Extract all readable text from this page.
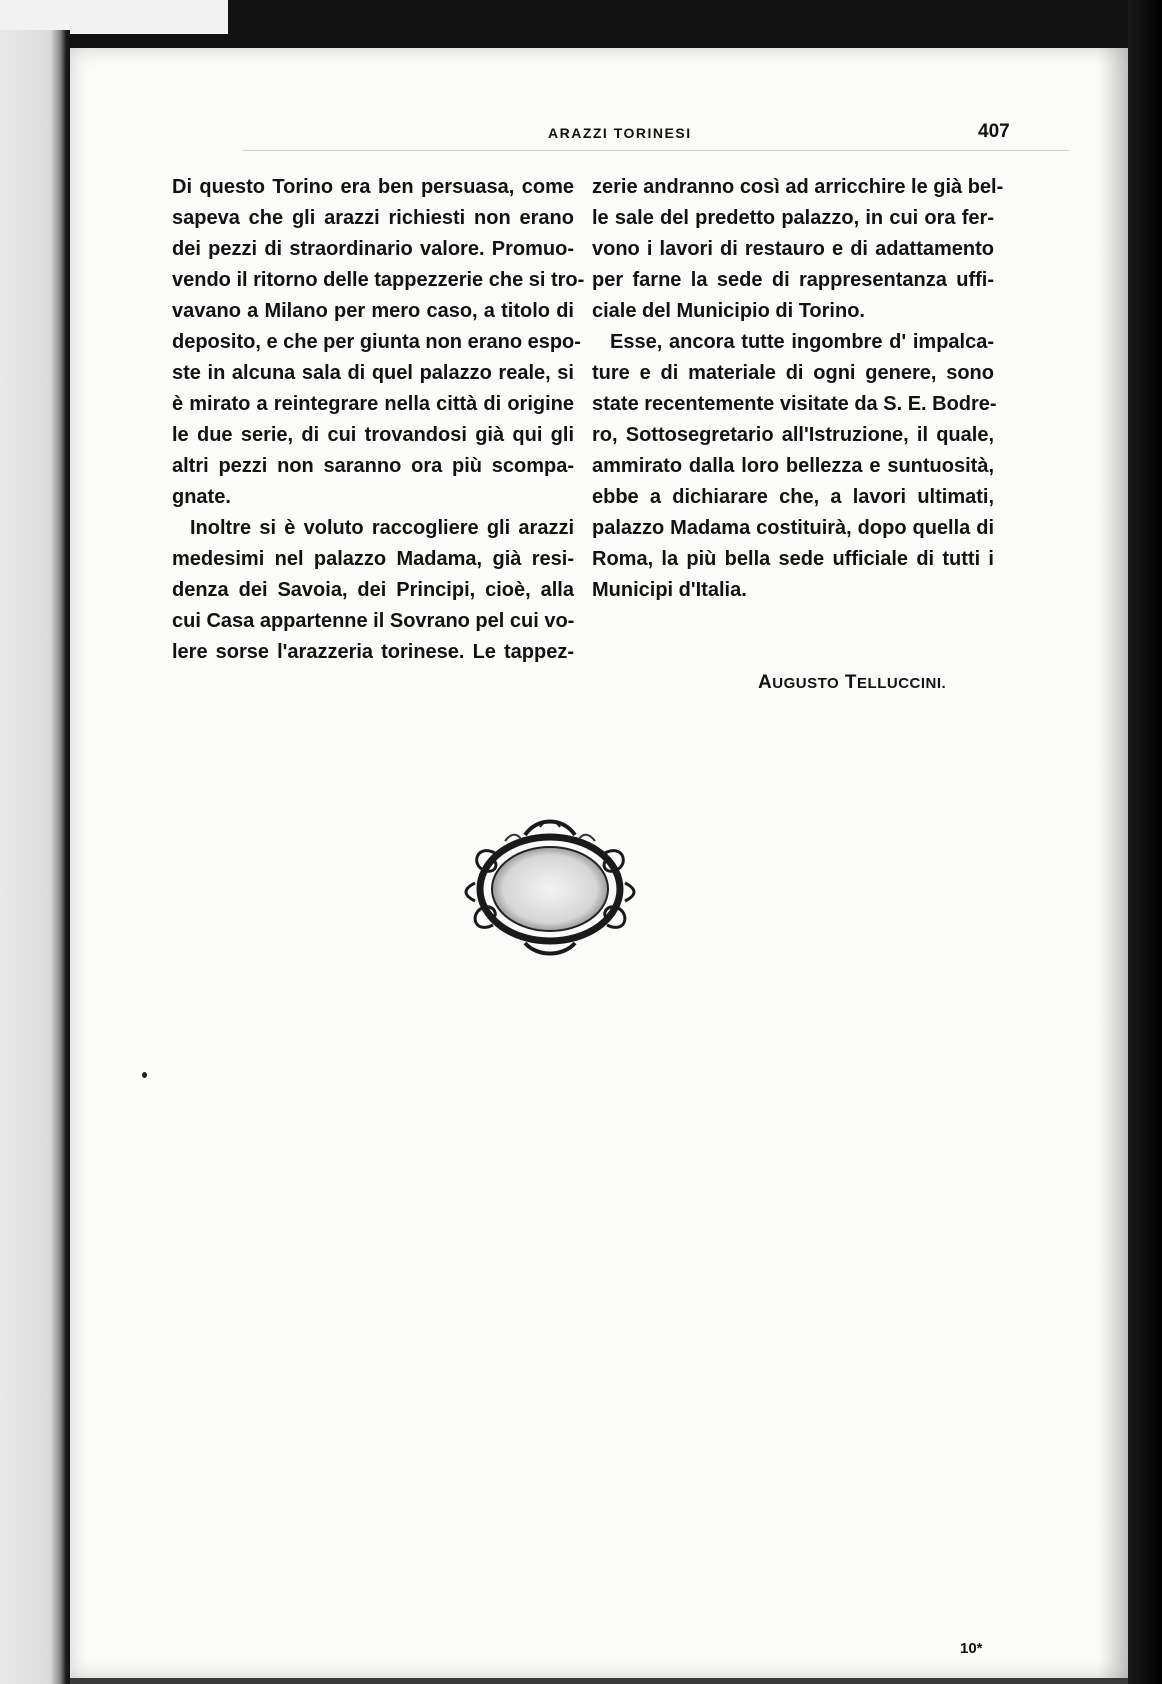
ARAZZI TORINESI	407
Di questo Torino era ben persuasa, come
sapeva che gli arazzi richiesti non erano
dei pezzi di straordinario valore. Promuo-
vendo il ritorno delle tappezzerie che si tro-
vavano a Milano per mero caso, a titolo di
deposito, e che per giunta non erano espo-
ste in alcuna sala di quel palazzo reale, si
è mirato a reintegrare nella città di origine
le due serie, di cui trovandosi già qui gli
altri pezzi non saranno ora più scompa-
gnate.
Inoltre si è voluto raccogliere gli arazzi
medesimi nel palazzo Madama, già resi-
denza dei Savoia, dei Principi, cioè, alla
cui Casa appartenne il Sovrano pel cui vo-
lere sorse l'arazzeria torinese. Le tappez-
zerie andranno così ad arricchire le già bel-
le sale del predetto palazzo, in cui ora fer-
vono i lavori di restauro e di adattamento
per farne la sede di rappresentanza uffi-
ciale del Municipio di Torino.
Esse, ancora tutte ingombre d' impalca-
ture e di materiale di ogni genere, sono
state recentemente visitate da S. E. Bodre-
ro, Sottosegretario all'Istruzione, il quale,
ammirato dalla loro bellezza e suntuosità,
ebbe a dichiarare che, a lavori ultimati,
palazzo Madama costituirà, dopo quella di
Roma, la più bella sede ufficiale di tutti i
Municipi d'Italia.
AUGUSTO TELLUCCINI.
10*
